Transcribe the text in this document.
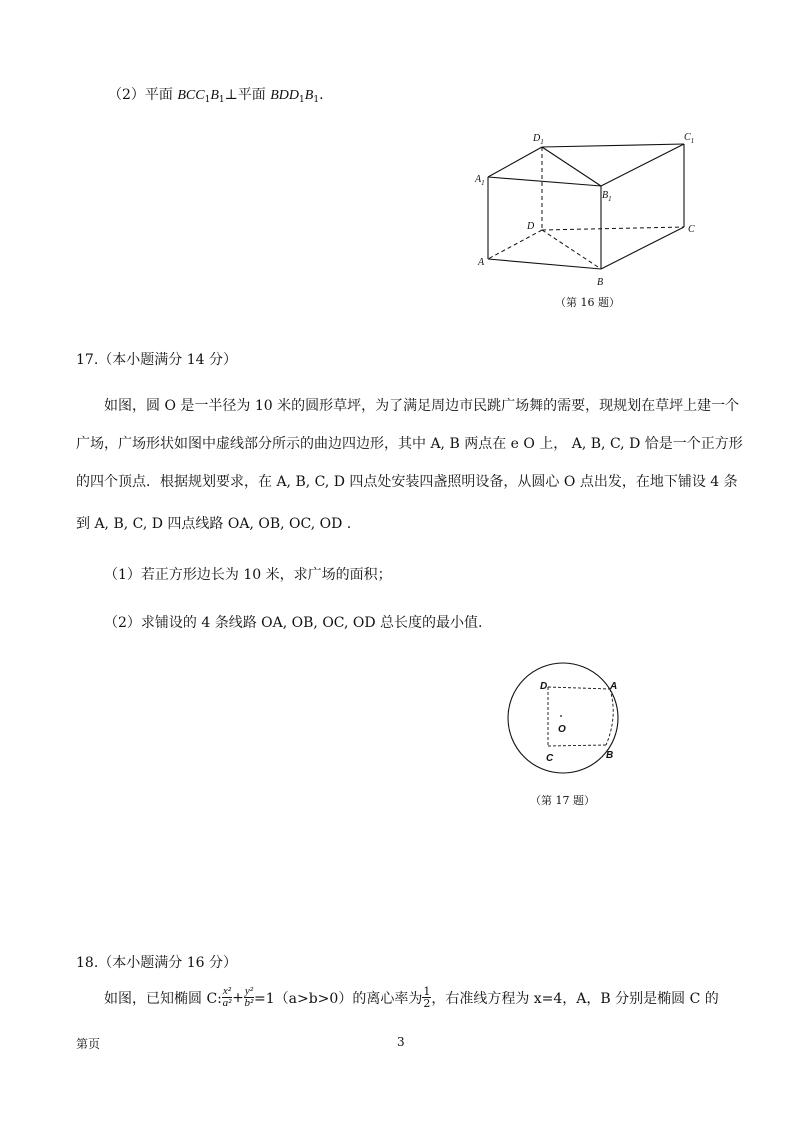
（2）平面 $BCC_1B_1\perp$平面 $BDD_1B_1$.
$D_1$	$C_1$
$A_1$
$B_1$
D	C
A
B
（第 16 题）
17.（本小题满分 14 分）
如图，圆 O 是一半径为 10 米的圆形草坪，为了满足周边市民跳广场舞的需要，现规划在草坪上建一个
广场，广场形状如图中虚线部分所示的曲边四边形，其中 A, B 两点在 e O 上， A, B, C, D 恰是一个正方形
的四个顶点．根据规划要求，在 A, B, C, D 四点处安装四盏照明设备，从圆心 O 点出发，在地下铺设 4 条
到 A, B, C, D 四点线路 OA, OB, OC, OD .
（1）若正方形边长为 10 米，求广场的面积；
（2）求铺设的 4 条线路 OA, OB, OC, OD 总长度的最小值.
D	A
O
C	B
（第 17 题）
18.（本小题满分 16 分）
如图，已知椭圆 C: $\frac{\text{x²}}{\text{a²}} + \frac{\text{y²}}{\text{b²}} =1(a>b>0)$的离心率为 $\frac{1}{2}$ ，右准线方程为 x=4，A，B 分别是椭圆 C 的
第页	3
